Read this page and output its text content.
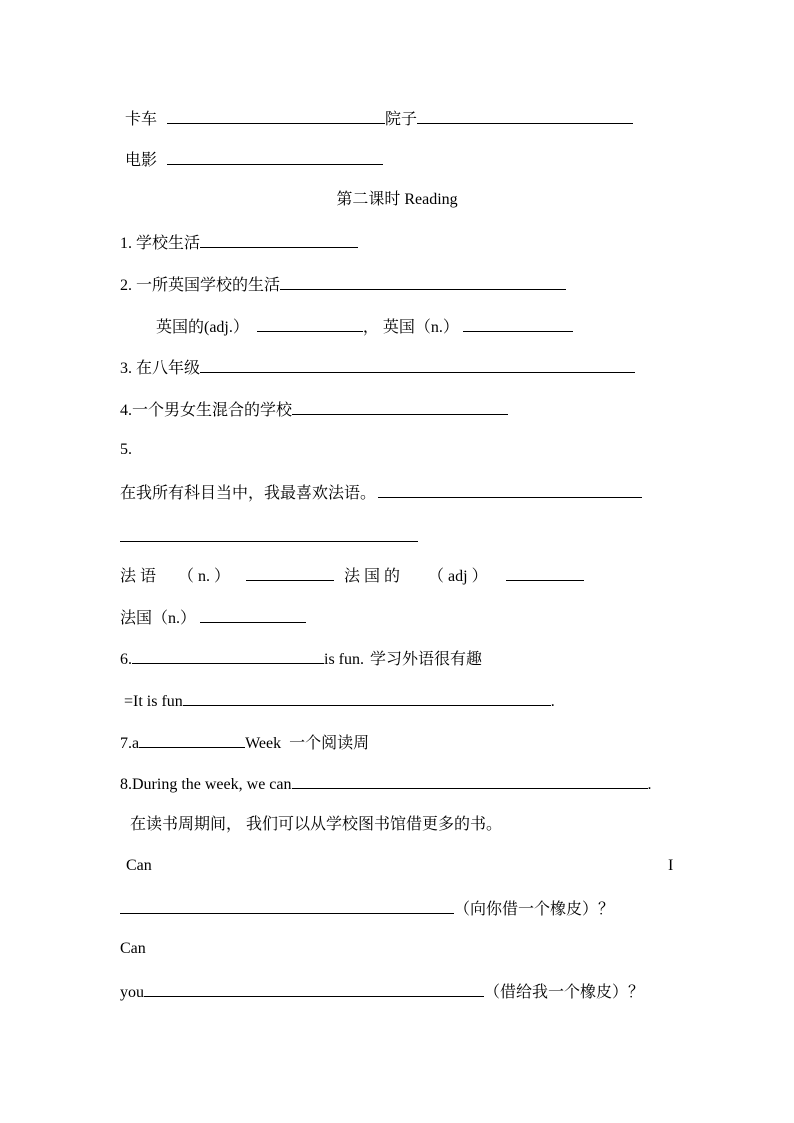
卡车	院子
电影
第二课时 Reading
1. 学校生活
2. 一所英国学校的生活
英国的(adj.）	， 英国（n.）
3. 在八年级
4.一个男女生混合的学校
5.
在我所有科目当中，我最喜欢法语。
法 语 （ n. ）	法 国 的 （ adj ）
法国（n.）
6.	is fun. 学习外语很有趣
=It is fun	.
7.a	Week 一个阅读周
8.During the week, we can	.
在读书周期间， 我们可以从学校图书馆借更多的书。
Can	I
（向你借一个橡皮）？
Can
you	（借给我一个橡皮）？
